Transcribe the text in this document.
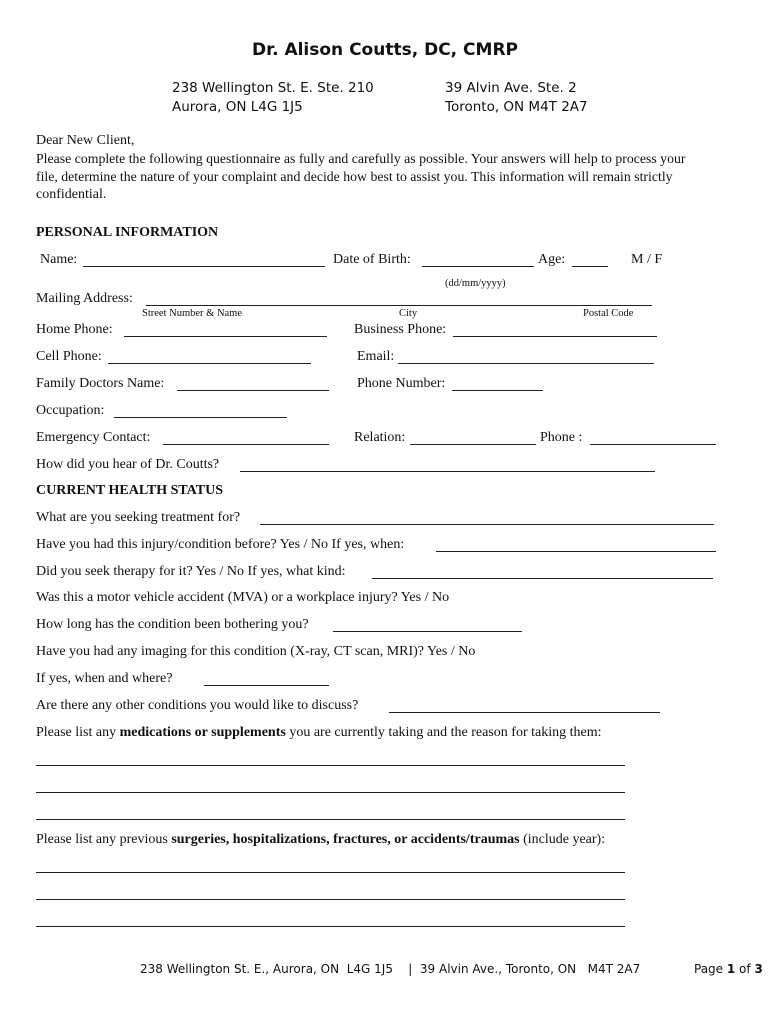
Dr. Alison Coutts, DC, CMRP
238 Wellington St. E. Ste. 210
Aurora, ON L4G 1J5
39 Alvin Ave. Ste. 2
Toronto, ON M4T 2A7
Dear New Client,
Please complete the following questionnaire as fully and carefully as possible. Your answers will help to process your
file, determine the nature of your complaint and decide how best to assist you. This information will remain strictly
confidential.
PERSONAL INFORMATION
Name:	Date of Birth:	Age:	M / F
(dd/mm/yyyy)
Mailing Address:
Street Number & Name	City	Postal Code
Home Phone:	Business Phone:
Cell Phone:	Email:
Family Doctors Name:	Phone Number:
Occupation:
Emergency Contact:	Relation:	Phone :
How did you hear of Dr. Coutts?
CURRENT HEALTH STATUS
What are you seeking treatment for?
Have you had this injury/condition before? Yes / No If yes, when:
Did you seek therapy for it? Yes / No If yes, what kind:
Was this a motor vehicle accident (MVA) or a workplace injury? Yes / No
How long has the condition been bothering you?
Have you had any imaging for this condition (X-ray, CT scan, MRI)? Yes / No
If yes, when and where?
Are there any other conditions you would like to discuss?
Please list any medications or supplements you are currently taking and the reason for taking them:
Please list any previous surgeries, hospitalizations, fractures, or accidents/traumas (include year):
238 Wellington St. E., Aurora, ON  L4G 1J5    |  39 Alvin Ave., Toronto, ON   M4T 2A7	Page 1 of 3
